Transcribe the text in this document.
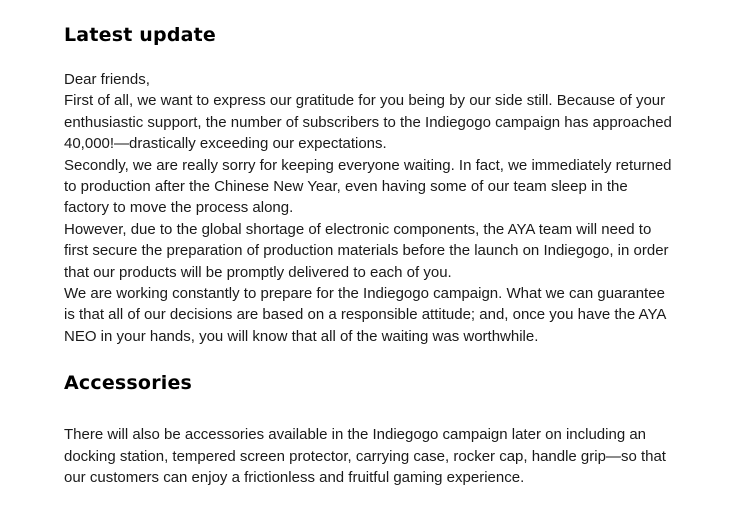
Latest update

Dear friends,

First of all, we want to express our gratitude for you being by our side still. Because of your enthusiastic support, the number of subscribers to the Indiegogo campaign has approached 40,000!—drastically exceeding our expectations.

Secondly, we are really sorry for keeping everyone waiting. In fact, we immediately returned to production after the Chinese New Year, even having some of our team sleep in the factory to move the process along.

However, due to the global shortage of electronic components, the AYA team will need to first secure the preparation of production materials before the launch on Indiegogo, in order that our products will be promptly delivered to each of you.

We are working constantly to prepare for the Indiegogo campaign. What we can guarantee is that all of our decisions are based on a responsible attitude; and, once you have the AYA NEO in your hands, you will know that all of the waiting was worthwhile.

Accessories

There will also be accessories available in the Indiegogo campaign later on including an docking station, tempered screen protector, carrying case, rocker cap, handle grip—so that our customers can enjoy a frictionless and fruitful gaming experience.
